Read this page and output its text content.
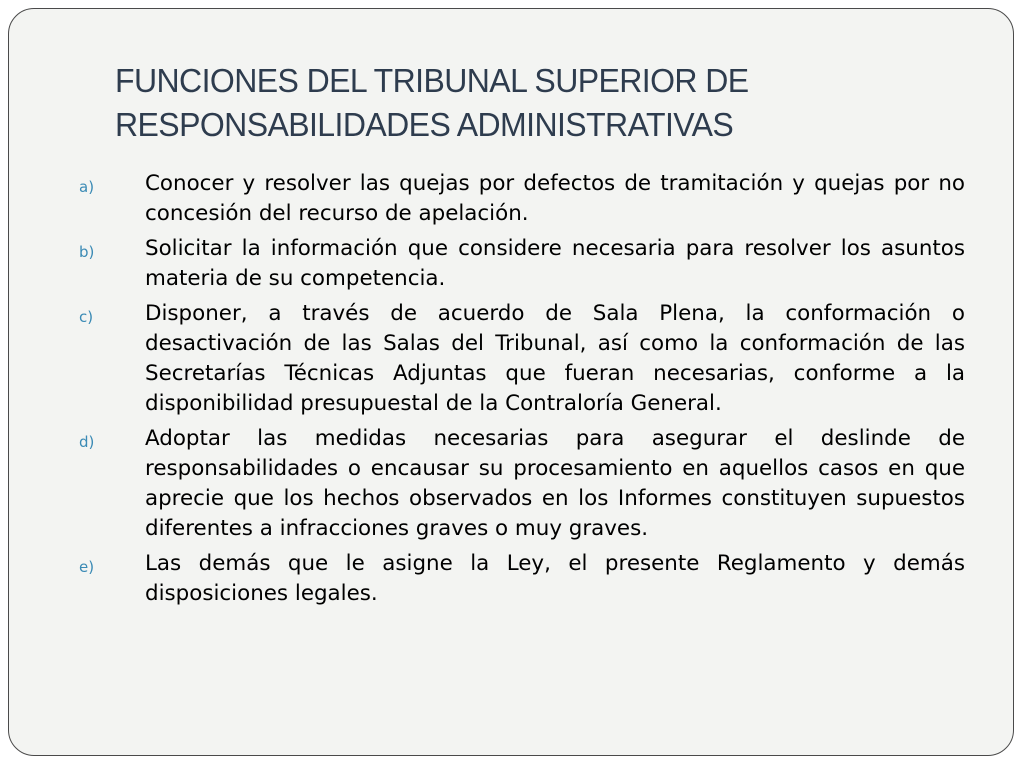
FUNCIONES DEL TRIBUNAL SUPERIOR DE
RESPONSABILIDADES ADMINISTRATIVAS
a)	Conocer y resolver las quejas por defectos de tramitación y quejas por no concesión del recurso de apelación.
b)	Solicitar la información que considere necesaria para resolver los asuntos materia de su competencia.
c)	Disponer, a través de acuerdo de Sala Plena, la conformación o desactivación de las Salas del Tribunal, así como la conformación de las Secretarías Técnicas Adjuntas que fueran necesarias, conforme a la disponibilidad presupuestal de la Contraloría General.
d)	Adoptar las medidas necesarias para asegurar el deslinde de responsabilidades o encausar su procesamiento en aquellos casos en que aprecie que los hechos observados en los Informes constituyen supuestos diferentes a infracciones graves o muy graves.
e)	Las demás que le asigne la Ley, el presente Reglamento y demás disposiciones legales.
